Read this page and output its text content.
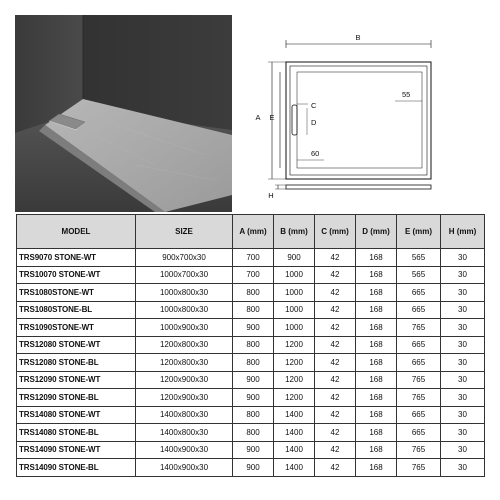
B
A E
C
D
55
60
H
MODEL	SIZE	A (mm)	B (mm)	C (mm)	D (mm)	E (mm)	H (mm)
TRS9070 STONE-WT	900x700x30	700	900	42	168	565	30
TRS10070 STONE-WT	1000x700x30	700	1000	42	168	565	30
TRS1080STONE-WT	1000x800x30	800	1000	42	168	665	30
TRS1080STONE-BL	1000x800x30	800	1000	42	168	665	30
TRS1090STONE-WT	1000x900x30	900	1000	42	168	765	30
TRS12080 STONE-WT	1200x800x30	800	1200	42	168	665	30
TRS12080 STONE-BL	1200x800x30	800	1200	42	168	665	30
TRS12090 STONE-WT	1200x900x30	900	1200	42	168	765	30
TRS12090 STONE-BL	1200x900x30	900	1200	42	168	765	30
TRS14080 STONE-WT	1400x800x30	800	1400	42	168	665	30
TRS14080 STONE-BL	1400x800x30	800	1400	42	168	665	30
TRS14090 STONE-WT	1400x900x30	900	1400	42	168	765	30
TRS14090 STONE-BL	1400x900x30	900	1400	42	168	765	30
